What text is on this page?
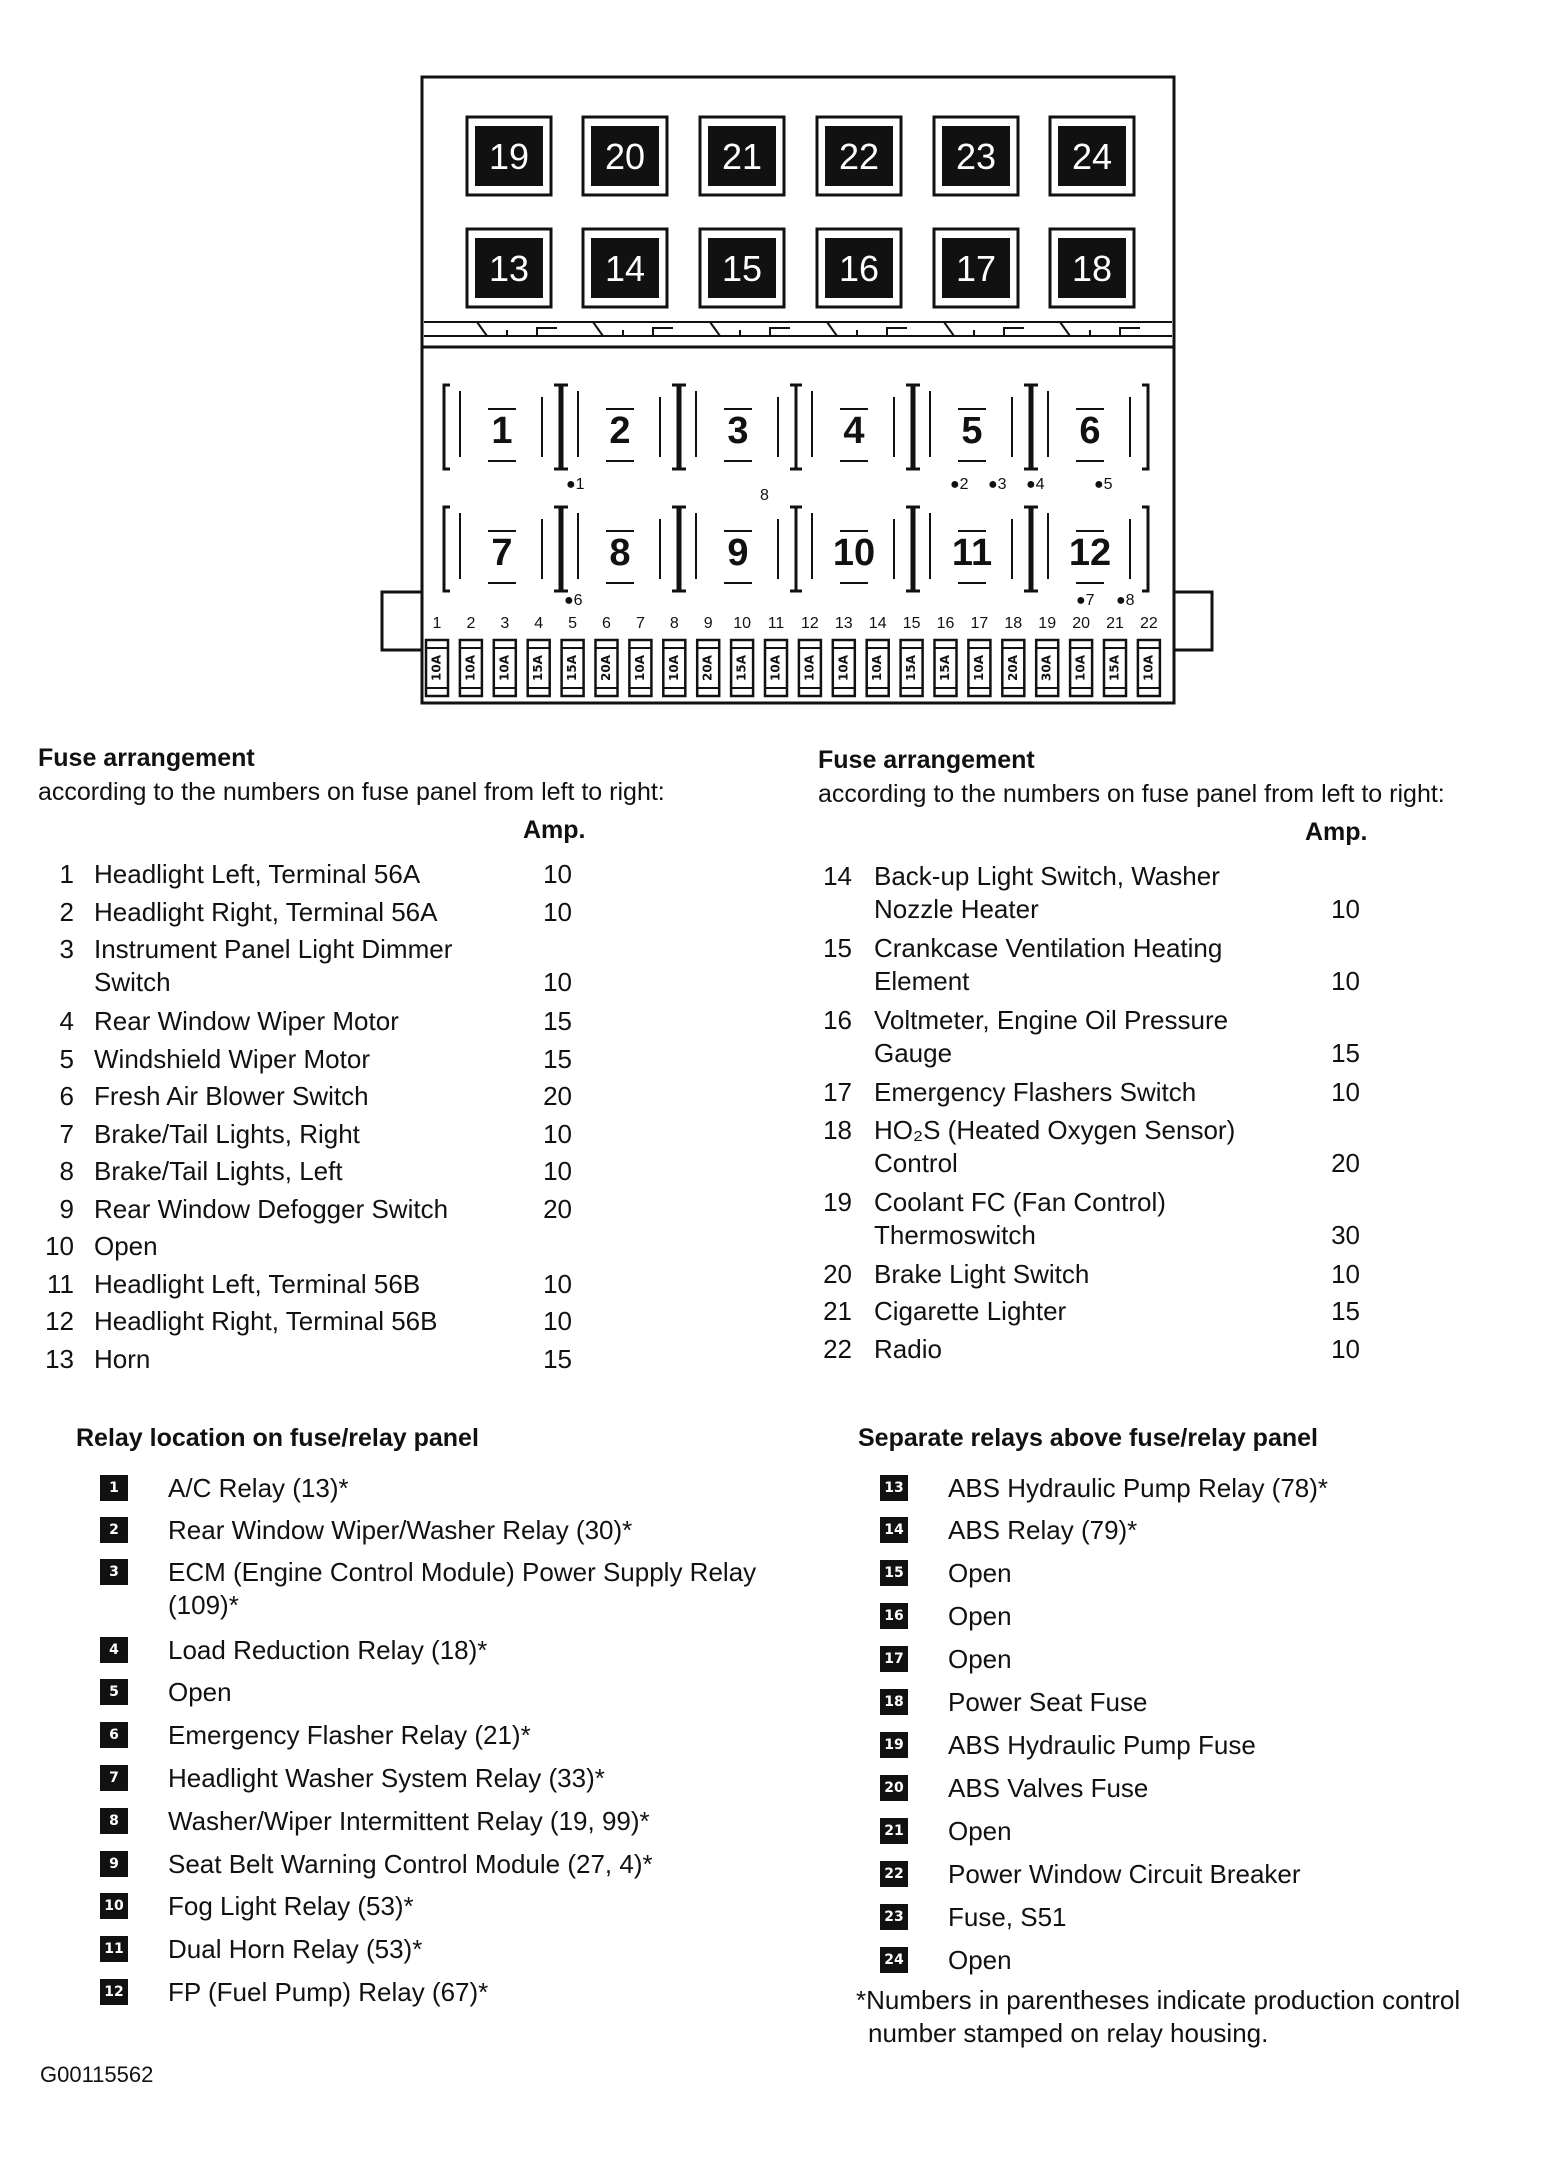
19 20 21 22 23 24
13 14 15 16 17 18
1	2	3 4	5	6
7	8	9 10 11 12
●1	●2 ●3 ●4	●5
8
●6	●7 ●8
1
10A
2
10A
3
10A
4
15A
5
15A
6
20A
7
10A
8
10A
9
20A
10
15A
11
10A
12
10A
13
10A
14
10A
15
15A
16
15A
17
10A
18
20A
19
30A
20
10A
21
15A
22
10A
Fuse arrangement
according to the numbers on fuse panel from left to right:
Amp.
1 Headlight Left, Terminal 56A	10
2 Headlight Right, Terminal 56A	10
3 Instrument Panel Light Dimmer Switch	10
4 Rear Window Wiper Motor	15
5 Windshield Wiper Motor	15
6 Fresh Air Blower Switch	20
7 Brake/Tail Lights, Right	10
8 Brake/Tail Lights, Left	10
9 Rear Window Defogger Switch	20
10 Open
11 Headlight Left, Terminal 56B	10
12 Headlight Right, Terminal 56B	10
13 Horn	15
Fuse arrangement
according to the numbers on fuse panel from left to right:
Amp.
14 Back-up Light Switch, Washer Nozzle Heater	10
15 Crankcase Ventilation Heating Element	10
16 Voltmeter, Engine Oil Pressure Gauge	15
17 Emergency Flashers Switch	10
18 HO₂S (Heated Oxygen Sensor) Control	20
19 Coolant FC (Fan Control) Thermoswitch	30
20 Brake Light Switch	10
21 Cigarette Lighter	15
22 Radio	10
Relay location on fuse/relay panel
1	A/C Relay (13)*
2	Rear Window Wiper/Washer Relay (30)*
3	ECM (Engine Control Module) Power Supply Relay (109)*
4	Load Reduction Relay (18)*
5	Open
6	Emergency Flasher Relay (21)*
7	Headlight Washer System Relay (33)*
8	Washer/Wiper Intermittent Relay (19, 99)*
9	Seat Belt Warning Control Module (27, 4)*
10 Fog Light Relay (53)*
11 Dual Horn Relay (53)*
12 FP (Fuel Pump) Relay (67)*
Separate relays above fuse/relay panel
13 ABS Hydraulic Pump Relay (78)*
14 ABS Relay (79)*
15 Open
16 Open
17 Open
18 Power Seat Fuse
19 ABS Hydraulic Pump Fuse
20 ABS Valves Fuse
21 Open
22 Power Window Circuit Breaker
23 Fuse, S51
24 Open
*Numbers in parentheses indicate production control number stamped on relay housing.
G00115562
